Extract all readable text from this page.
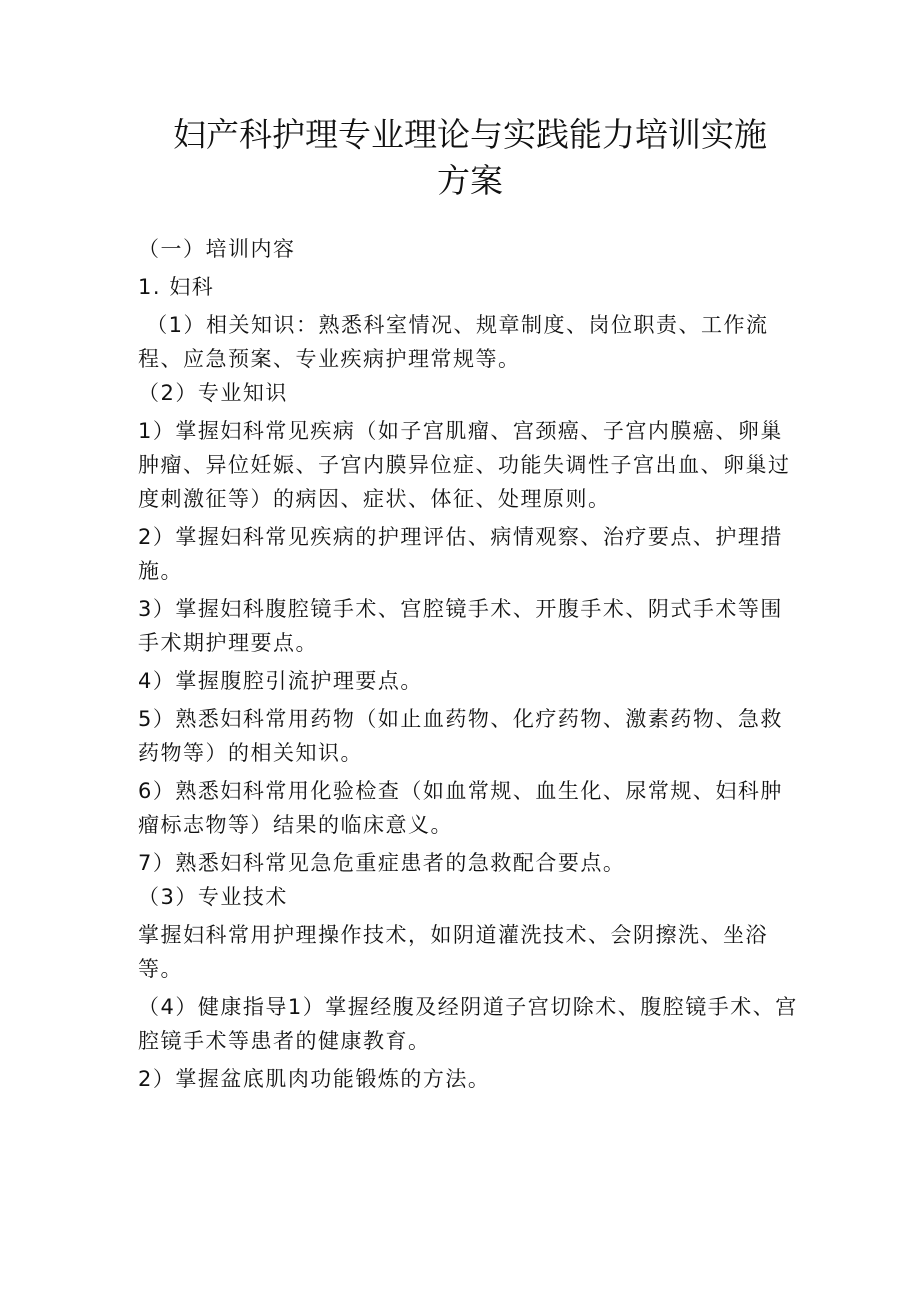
妇产科护理专业理论与实践能力培训实施
方案

（一）培训内容

1. 妇科

（1）相关知识：熟悉科室情况、规章制度、岗位职责、工作流程、应急预案、专业疾病护理常规等。

（2）专业知识

1）掌握妇科常见疾病（如子宫肌瘤、宫颈癌、子宫内膜癌、卵巢肿瘤、异位妊娠、子宫内膜异位症、功能失调性子宫出血、卵巢过度刺激征等）的病因、症状、体征、处理原则。

2）掌握妇科常见疾病的护理评估、病情观察、治疗要点、护理措施。

3）掌握妇科腹腔镜手术、宫腔镜手术、开腹手术、阴式手术等围手术期护理要点。

4）掌握腹腔引流护理要点。

5）熟悉妇科常用药物（如止血药物、化疗药物、激素药物、急救药物等）的相关知识。

6）熟悉妇科常用化验检查（如血常规、血生化、尿常规、妇科肿瘤标志物等）结果的临床意义。

7）熟悉妇科常见急危重症患者的急救配合要点。

（3）专业技术

掌握妇科常用护理操作技术，如阴道灌洗技术、会阴擦洗、坐浴等。

（4）健康指导1）掌握经腹及经阴道子宫切除术、腹腔镜手术、宫腔镜手术等患者的健康教育。

2）掌握盆底肌肉功能锻炼的方法。
